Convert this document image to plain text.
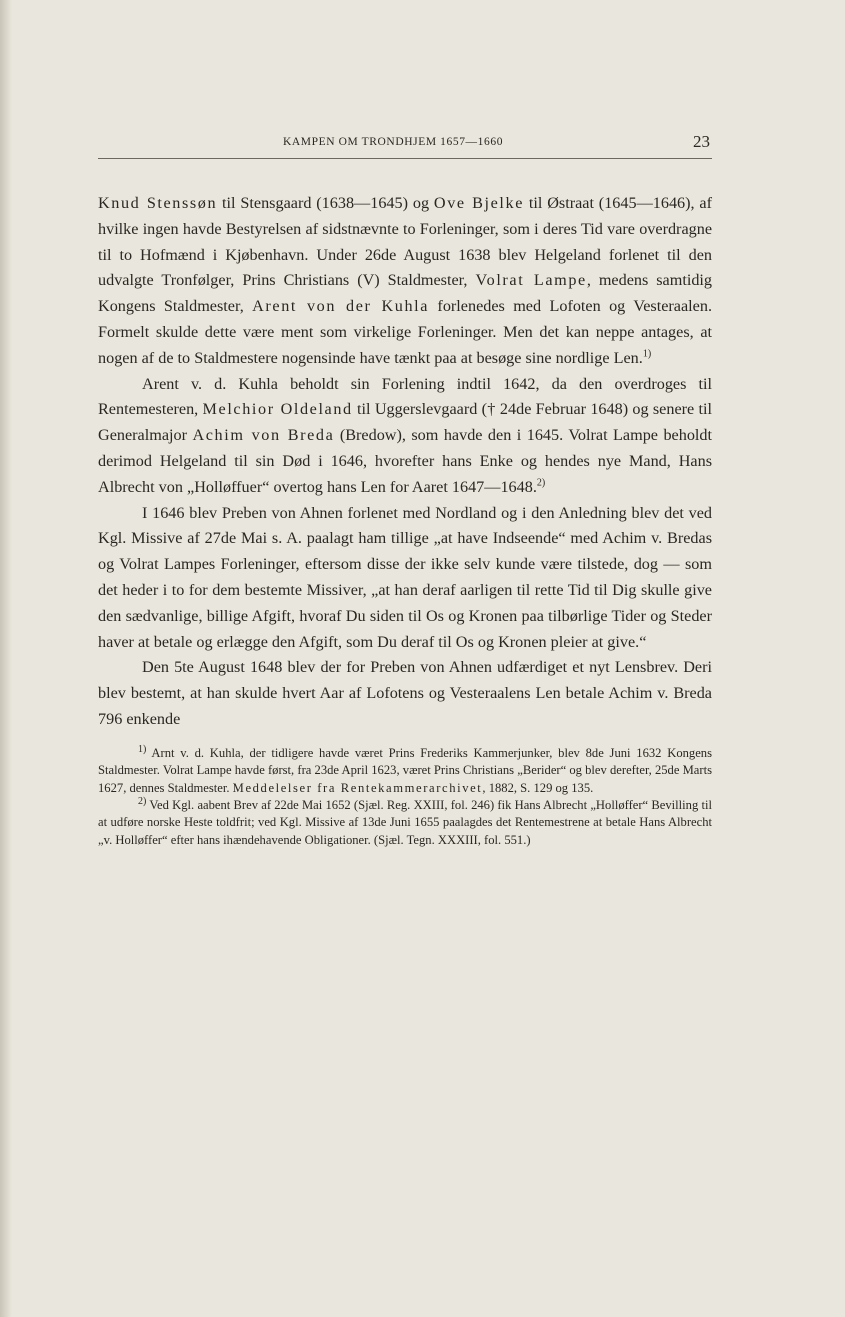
KAMPEN OM TRONDHJEM 1657—1660	23

Knud Stenssøn til Stensgaard (1638—1645) og Ove Bjelke til Østraat (1645—1646), af hvilke ingen havde Bestyrelsen af sidstnævnte to Forleninger, som i deres Tid vare overdragne til to Hofmænd i Kjøbenhavn. Under 26de August 1638 blev Helgeland forlenet til den udvalgte Tronfølger, Prins Christians (V) Staldmester, Volrat Lampe, medens samtidig Kongens Staldmester, Arent von der Kuhla forlenedes med Lofoten og Vesteraalen. Formelt skulde dette være ment som virkelige Forleninger. Men det kan neppe antages, at nogen af de to Staldmestere nogensinde have tænkt paa at besøge sine nordlige Len.$^{1)}$

Arent v. d. Kuhla beholdt sin Forlening indtil 1642, da den overdroges til Rentemesteren, Melchior Oldeland til Uggerslevgaard († 24de Februar 1648) og senere til Generalmajor Achim von Breda (Bredow), som havde den i 1645. Volrat Lampe beholdt derimod Helgeland til sin Død i 1646, hvorefter hans Enke og hendes nye Mand, Hans Albrecht von „Holløffuer“ overtog hans Len for Aaret 1647—1648.$^{2)}$

I 1646 blev Preben von Ahnen forlenet med Nordland og i den Anledning blev det ved Kgl. Missive af 27de Mai s. A. paalagt ham tillige „at have Indseende“ med Achim v. Bredas og Volrat Lampes Forleninger, eftersom disse der ikke selv kunde være tilstede, dog — som det heder i to for dem bestemte Missiver, „at han deraf aarligen til rette Tid til Dig skulle give den sædvanlige, billige Afgift, hvoraf Du siden til Os og Kronen paa tilbørlige Tider og Steder haver at betale og erlægge den Afgift, som Du deraf til Os og Kronen pleier at give.“

Den 5te August 1648 blev der for Preben von Ahnen udfærdiget et nyt Lensbrev. Deri blev bestemt, at han skulde hvert Aar af Lofotens og Vesteraalens Len betale Achim v. Breda 796 enkende

$^{1)}$ Arnt v. d. Kuhla, der tidligere havde været Prins Frederiks Kammerjunker, blev 8de Juni 1632 Kongens Staldmester. Volrat Lampe havde først, fra 23de April 1623, været Prins Christians „Berider“ og blev derefter, 25de Marts 1627, dennes Staldmester. Meddelelser fra Rentekammerarchivet, 1882, S. 129 og 135.

$^{2)}$ Ved Kgl. aabent Brev af 22de Mai 1652 (Sjæl. Reg. XXIII, fol. 246) fik Hans Albrecht „Holløffer“ Bevilling til at udføre norske Heste toldfrit; ved Kgl. Missive af 13de Juni 1655 paalagdes det Rentemestrene at betale Hans Albrecht „v. Holløffer“ efter hans ihændehavende Obligationer. (Sjæl. Tegn. XXXIII, fol. 551.)
